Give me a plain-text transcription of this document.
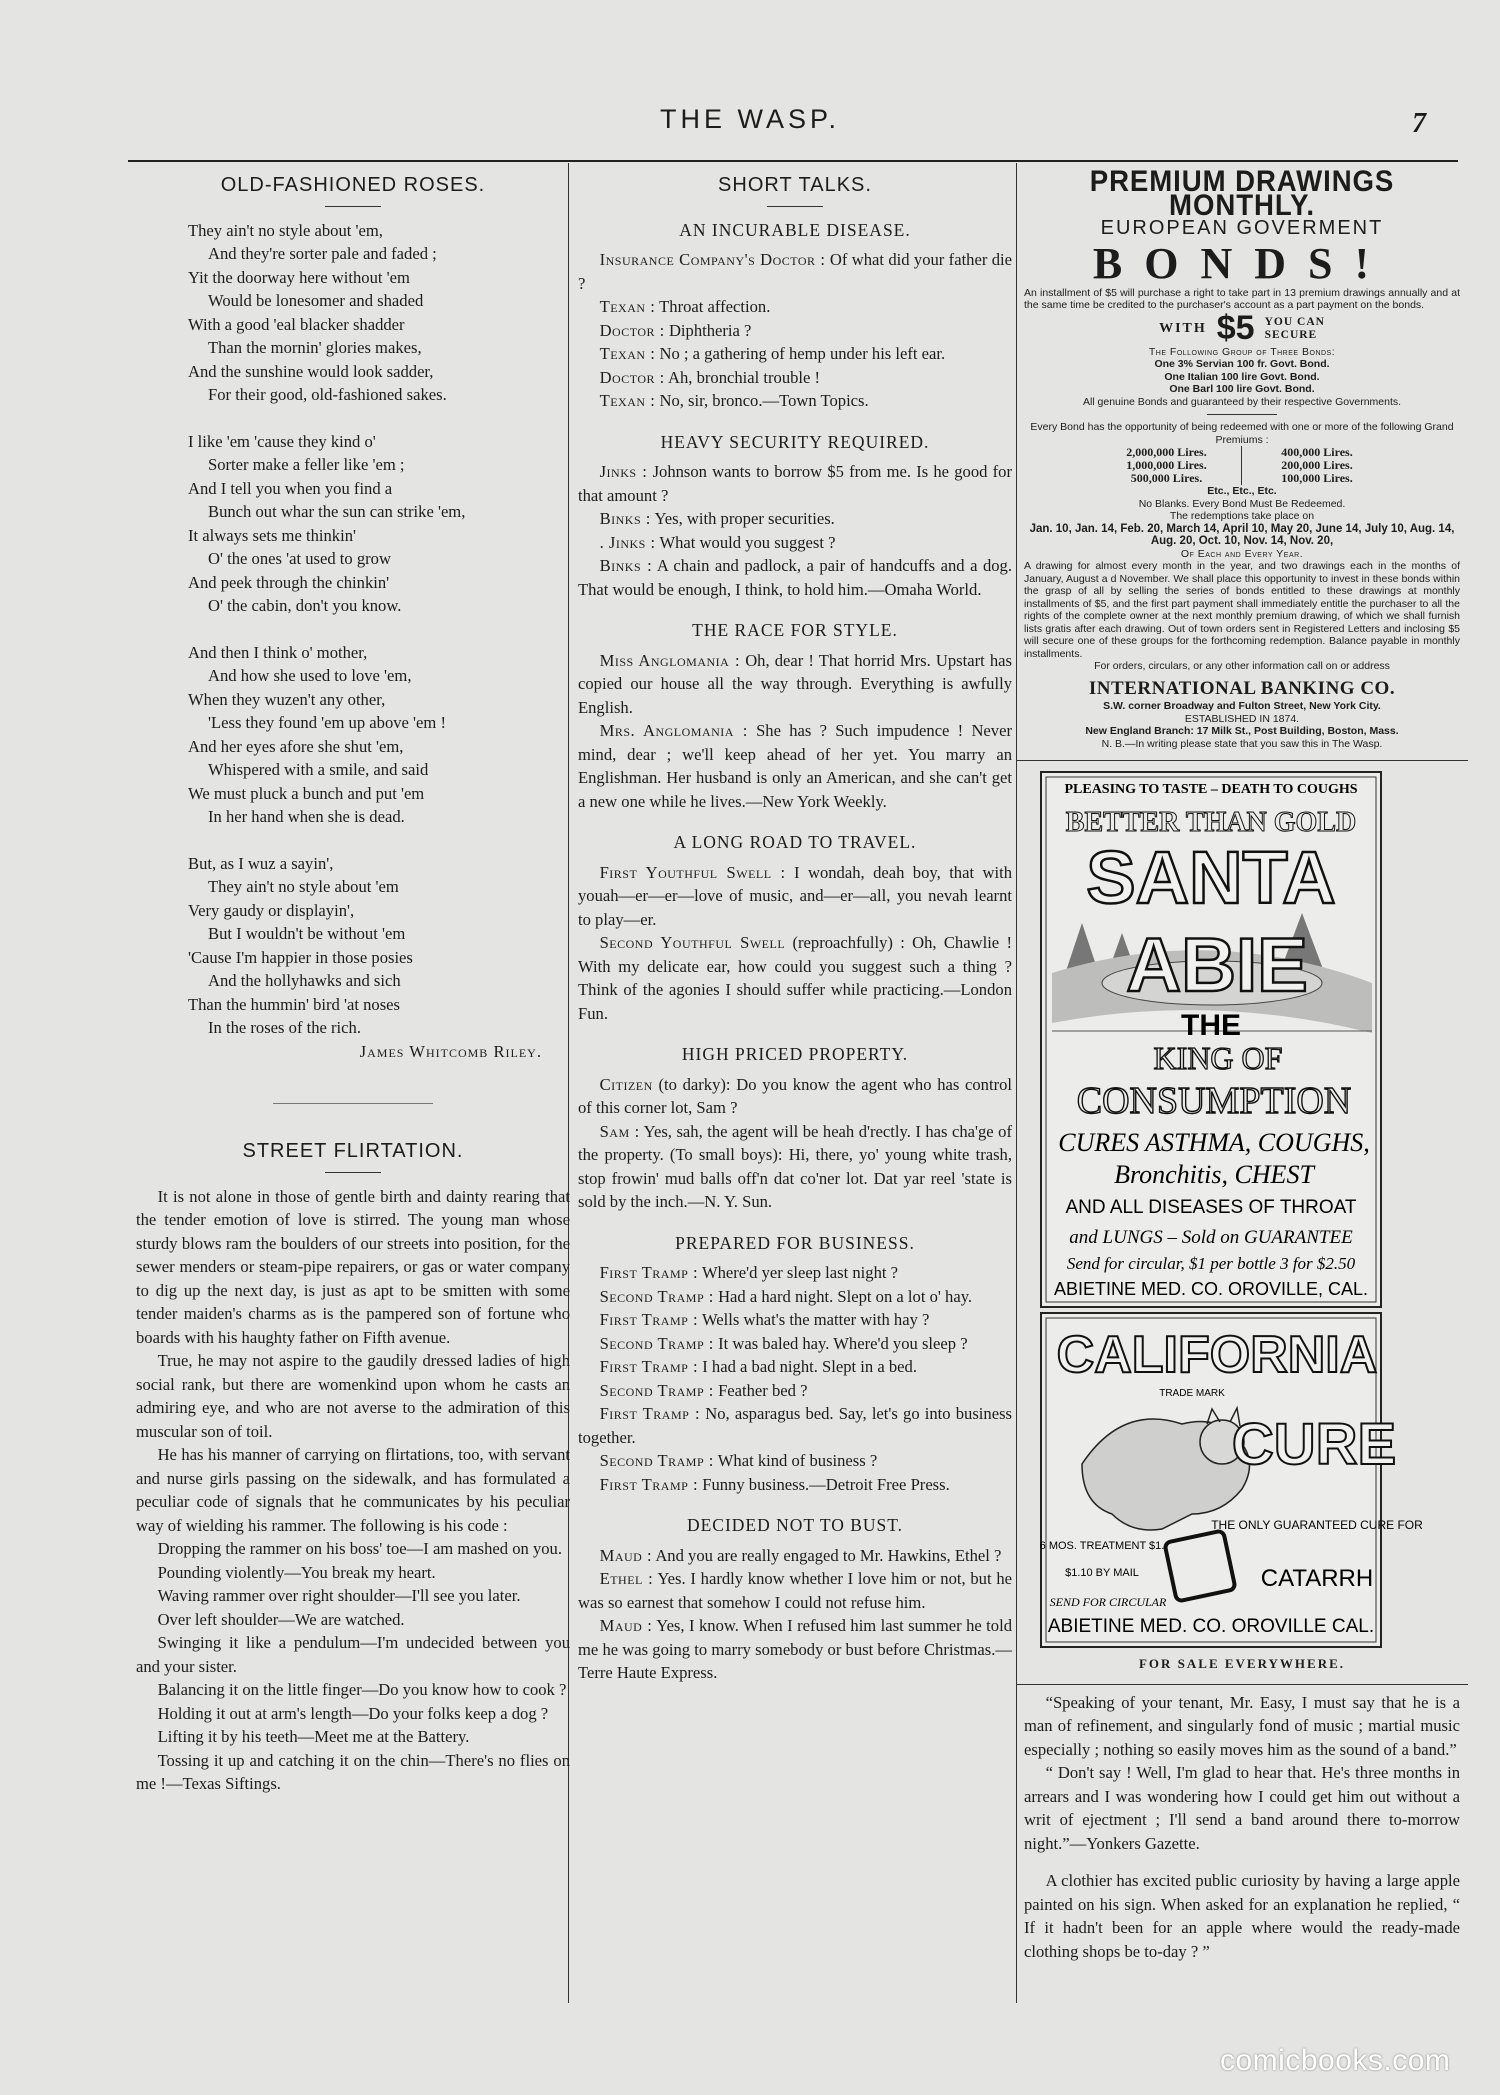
THE WASP.	7
OLD-FASHIONED ROSES.
They ain't no style about 'em,
And they're sorter pale and faded ;
Yit the doorway here without 'em
Would be lonesomer and shaded
With a good 'eal blacker shadder
Than the mornin' glories makes,
And the sunshine would look sadder,
For their good, old-fashioned sakes.
I like 'em 'cause they kind o'
Sorter make a feller like 'em ;
And I tell you when you find a
Bunch out whar the sun can strike 'em,
It always sets me thinkin'
O' the ones 'at used to grow
And peek through the chinkin'
O' the cabin, don't you know.
And then I think o' mother,
And how she used to love 'em,
When they wuzen't any other,
'Less they found 'em up above 'em !
And her eyes afore she shut 'em,
Whispered with a smile, and said
We must pluck a bunch and put 'em
In her hand when she is dead.
But, as I wuz a sayin',
They ain't no style about 'em
Very gaudy or displayin',
But I wouldn't be without 'em
'Cause I'm happier in those posies
And the hollyhawks and sich
Than the hummin' bird 'at noses
In the roses of the rich.
James Whitcomb Riley.
STREET FLIRTATION.

It is not alone in those of gentle birth and dainty rearing that the tender emotion of love is stirred. The young man whose sturdy blows ram the boulders of our streets into position, for the sewer menders or steam-pipe repairers, or gas or water company to dig up the next day, is just as apt to be smitten with some tender maiden's charms as is the pampered son of fortune who boards with his haughty father on Fifth avenue.

True, he may not aspire to the gaudily dressed ladies of high social rank, but there are womenkind upon whom he casts an admiring eye, and who are not averse to the admiration of this muscular son of toil.

He has his manner of carrying on flirtations, too, with servant and nurse girls passing on the sidewalk, and has formulated a peculiar code of signals that he communicates by his peculiar way of wielding his rammer. The following is his code :

Dropping the rammer on his boss' toe—I am mashed on you.

Pounding violently—You break my heart.

Waving rammer over right shoulder—I'll see you later.

Over left shoulder—We are watched.

Swinging it like a pendulum—I'm undecided between you and your sister.

Balancing it on the little finger—Do you know how to cook ?

Holding it out at arm's length—Do your folks keep a dog ?

Lifting it by his teeth—Meet me at the Battery.

Tossing it up and catching it on the chin—There's no flies on me !—Texas Siftings.

SHORT TALKS.
AN INCURABLE DISEASE.
Insurance Company's Doctor : Of what did your father die ?
Texan : Throat affection.
Doctor : Diphtheria ?
Texan : No ; a gathering of hemp under his left ear.
Doctor : Ah, bronchial trouble !
Texan : No, sir, bronco.—Town Topics.
HEAVY SECURITY REQUIRED.
Jinks : Johnson wants to borrow $5 from me. Is he good for that amount ?
Binks : Yes, with proper securities.
. Jinks : What would you suggest ?
Binks : A chain and padlock, a pair of handcuffs and a dog. That would be enough, I think, to hold him.—Omaha World.
THE RACE FOR STYLE.
Miss Anglomania : Oh, dear ! That horrid Mrs. Upstart has copied our house all the way through. Everything is awfully English.
Mrs. Anglomania : She has ? Such impudence ! Never mind, dear ; we'll keep ahead of her yet. You marry an Englishman. Her husband is only an American, and she can't get a new one while he lives.—New York Weekly.
A LONG ROAD TO TRAVEL.
First Youthful Swell : I wondah, deah boy, that with youah—er—er—love of music, and—er—all, you nevah learnt to play—er.
Second Youthful Swell (reproachfully) : Oh, Chawlie ! With my delicate ear, how could you suggest such a thing ? Think of the agonies I should suffer while practicing.—London Fun.
HIGH PRICED PROPERTY.
Citizen (to darky): Do you know the agent who has control of this corner lot, Sam ?
Sam : Yes, sah, the agent will be heah d'rectly. I has cha'ge of the property. (To small boys): Hi, there, yo' young white trash, stop frowin' mud balls off'n dat co'ner lot. Dat yar reel 'state is sold by the inch.—N. Y. Sun.
PREPARED FOR BUSINESS.
First Tramp : Where'd yer sleep last night ?
Second Tramp : Had a hard night. Slept on a lot o' hay.
First Tramp : Wells what's the matter with hay ?
Second Tramp : It was baled hay. Where'd you sleep ?
First Tramp : I had a bad night. Slept in a bed.
Second Tramp : Feather bed ?
First Tramp : No, asparagus bed. Say, let's go into business together.
Second Tramp : What kind of business ?
First Tramp : Funny business.—Detroit Free Press.
DECIDED NOT TO BUST.
Maud : And you are really engaged to Mr. Hawkins, Ethel ?
Ethel : Yes. I hardly know whether I love him or not, but he was so earnest that somehow I could not refuse him.
Maud : Yes, I know. When I refused him last summer he told me he was going to marry somebody or bust before Christmas.—Terre Haute Express.
PREMIUM DRAWINGS MONTHLY.
EUROPEAN GOVERMENT
BONDS!
An installment of $5 will purchase a right to take part in 13 premium drawings annually and at the same time be credited to the purchaser's account as a part payment on the bonds.
WITH $5 YOU CAN
SECURE
The Following Group of Three Bonds:
One 3% Servian 100 fr. Govt. Bond.
One Italian 100 lire Govt. Bond.
One Barl 100 lire Govt. Bond.
All genuine Bonds and guaranteed by their respective Governments.
Every Bond has the opportunity of being redeemed with one or more of the following Grand Premiums :
2,000,000 Lires.	400,000 Lires.
1,000,000 Lires.	200,000 Lires.
500,000 Lires.	100,000 Lires.
Etc., Etc., Etc.
No Blanks. Every Bond Must Be Redeemed.
The redemptions take place on
Jan. 10, Jan. 14, Feb. 20, March 14, April 10, May 20, June 14, July 10, Aug. 14, Aug. 20, Oct. 10, Nov. 14, Nov. 20,
Of Each and Every Year.
A drawing for almost every month in the year, and two drawings each in the months of January, August a d November. We shall place this opportunity to invest in these bonds within the grasp of all by selling the series of bonds entitled to these drawings at monthly installments of $5, and the first part payment shall immediately entitle the purchaser to all the rights of the complete owner at the next monthly premium drawing, of which we shall furnish lists gratis after each drawing. Out of town orders sent in Registered Letters and inclosing $5 will secure one of these groups for the forthcoming redemption. Balance payable in monthly installments.
For orders, circulars, or any other information call on or address
INTERNATIONAL BANKING CO.
S.W. corner Broadway and Fulton Street, New York City.
ESTABLISHED IN 1874.
New England Branch: 17 Milk St., Post Building, Boston, Mass.
N. B.—In writing please state that you saw this in The Wasp.
PLEASING TO TASTE – DEATH TO COUGHS
BETTER THAN GOLD
SANTA
ABIE
THE
KING OF
CONSUMPTION
CURES ASTHMA, COUGHS,
Bronchitis, CHEST
AND ALL DISEASES OF THROAT
and LUNGS – Sold on GUARANTEE
Send for circular, $1 per bottle 3 for $2.50
ABIETINE MED. CO. OROVILLE, CAL.
CALIFORNIA
TRADE MARK
CURE
6 MOS. TREATMENT $1.
$1.10 BY MAIL
THE ONLY GUARANTEED CURE FOR
CATARRH
SEND FOR CIRCULAR
ABIETINE MED. CO. OROVILLE CAL.
FOR SALE EVERYWHERE.

“Speaking of your tenant, Mr. Easy, I must say that he is a man of refinement, and singularly fond of music ; martial music especially ; nothing so easily moves him as the sound of a band.”

“ Don't say ! Well, I'm glad to hear that. He's three months in arrears and I was wondering how I could get him out without a writ of ejectment ; I'll send a band around there to-morrow night.”—Yonkers Gazette.

A clothier has excited public curiosity by having a large apple painted on his sign. When asked for an explanation he replied, “ If it hadn't been for an apple where would the ready-made clothing shops be to-day ? ”

comicbooks.com
